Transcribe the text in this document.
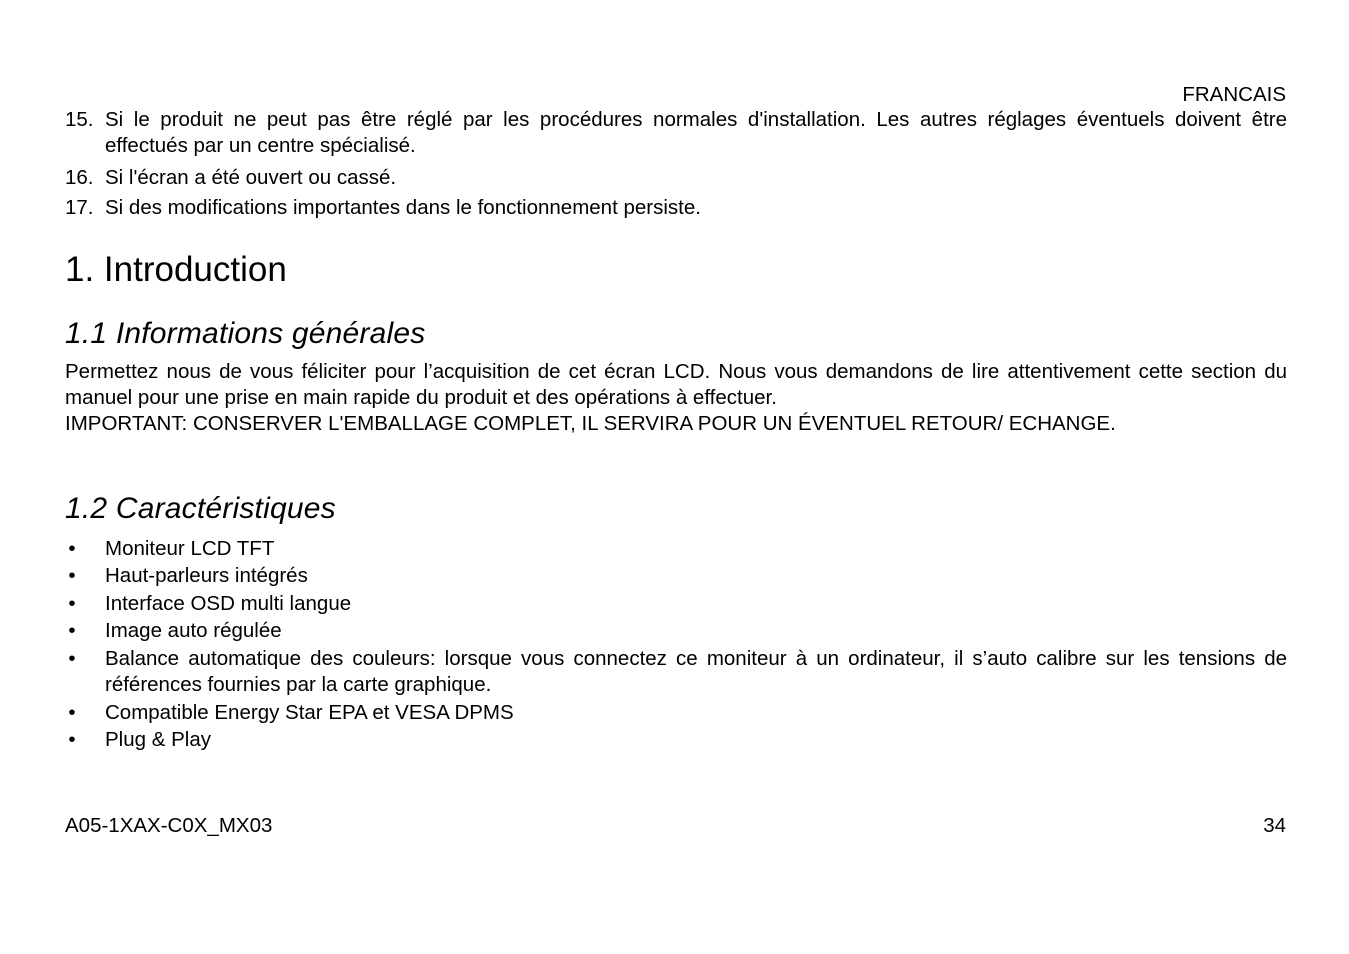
FRANCAIS
15. Si le produit ne peut pas être réglé par les procédures normales d'installation. Les autres réglages éventuels doivent être effectués par un centre spécialisé.
16. Si l'écran a été ouvert ou cassé.
17. Si des modifications importantes dans le fonctionnement persiste.
1. Introduction
1.1 Informations générales

Permettez nous de vous féliciter pour l’acquisition de cet écran LCD. Nous vous demandons de lire attentivement cette section du manuel pour une prise en main rapide du produit et des opérations à effectuer.

IMPORTANT: CONSERVER L'EMBALLAGE COMPLET, IL SERVIRA POUR UN ÉVENTUEL RETOUR/ ECHANGE.

1.2 Caractéristiques
• Moniteur LCD TFT
• Haut-parleurs intégrés
• Interface OSD multi langue
• Image auto régulée
• Balance automatique des couleurs: lorsque vous connectez ce moniteur à un ordinateur, il s’auto calibre sur les tensions de références fournies par la carte graphique.
• Compatible Energy Star EPA et VESA DPMS
• Plug & Play
A05-1XAX-C0X_MX03	34
